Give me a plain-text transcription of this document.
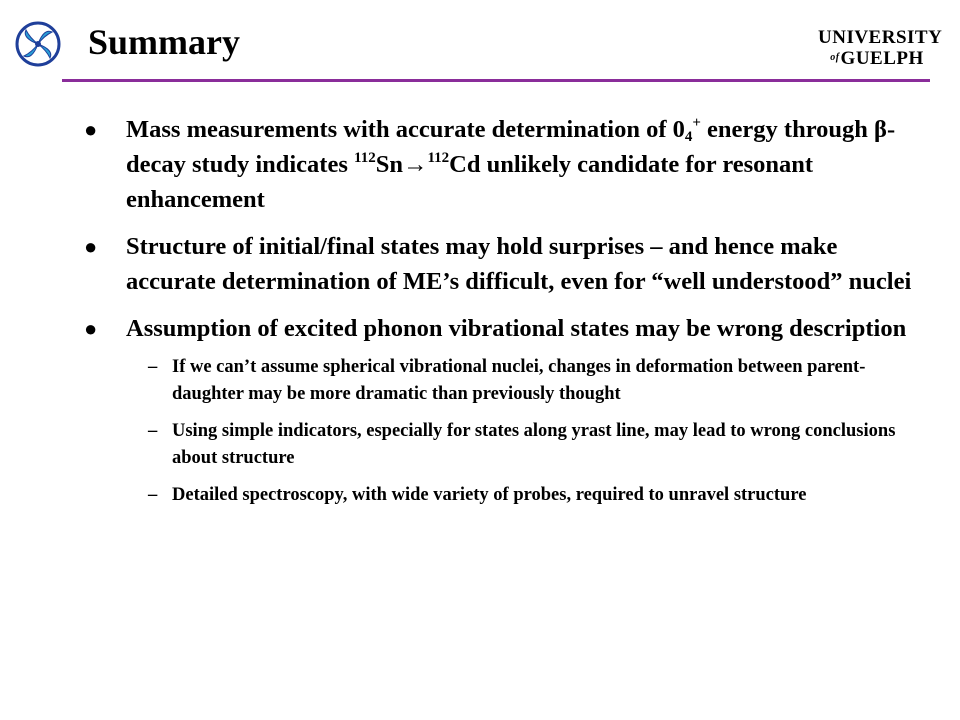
Summary	UNIVERSITY
$^{of}$GUELPH
● Mass measurements with accurate determination of 04+ energy through β-decay study indicates $^{112}$Sn→$^{112}$Cd unlikely candidate for resonant enhancement
● Structure of initial/final states may hold surprises – and hence make accurate determination of ME’s difficult, even for “well understood” nuclei
● Assumption of excited phonon vibrational states may be wrong description
– If we can’t assume spherical vibrational nuclei, changes in deformation between parent-daughter may be more dramatic than previously thought
– Using simple indicators, especially for states along yrast line, may lead to wrong conclusions about structure
– Detailed spectroscopy, with wide variety of probes, required to unravel structure
